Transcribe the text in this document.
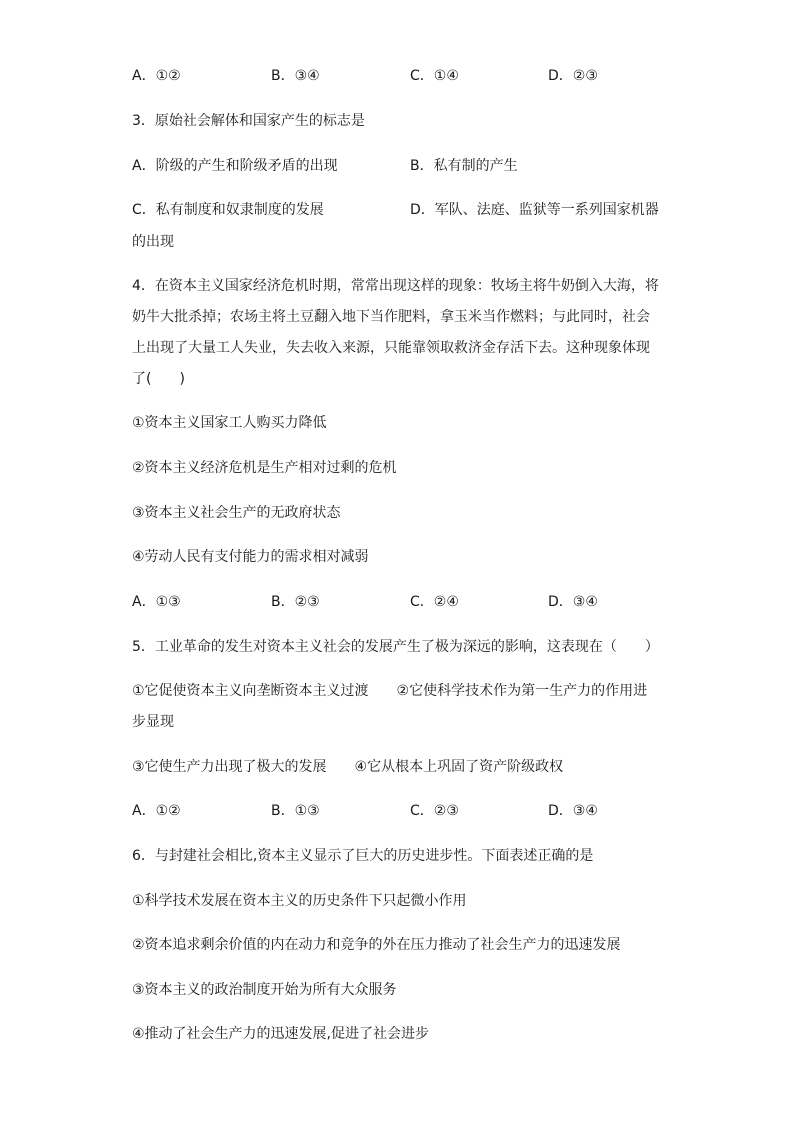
A．①②	B．③④	C．①④	D．②③
3．原始社会解体和国家产生的标志是
A．阶级的产生和阶级矛盾的出现	B．私有制的产生
C．私有制度和奴隶制度的发展	D．军队、法庭、监狱等一系列国家机器
的出现
4．在资本主义国家经济危机时期，常常出现这样的现象：牧场主将牛奶倒入大海，将
奶牛大批杀掉；农场主将土豆翻入地下当作肥料，拿玉米当作燃料；与此同时，社会
上出现了大量工人失业，失去收入来源，只能靠领取救济金存活下去。这种现象体现
了(　　)
①资本主义国家工人购买力降低
②资本主义经济危机是生产相对过剩的危机
③资本主义社会生产的无政府状态
④劳动人民有支付能力的需求相对减弱
A．①③	B．②③	C．②④	D．③④
5．工业革命的发生对资本主义社会的发展产生了极为深远的影响，这表现在（　　）
①它促使资本主义向垄断资本主义过渡　　②它使科学技术作为第一生产力的作用进
步显现
③它使生产力出现了极大的发展　　④它从根本上巩固了资产阶级政权
A．①②	B．①③	C．②③	D．③④
6．与封建社会相比,资本主义显示了巨大的历史进步性。下面表述正确的是
①科学技术发展在资本主义的历史条件下只起微小作用
②资本追求剩余价值的内在动力和竞争的外在压力推动了社会生产力的迅速发展
③资本主义的政治制度开始为所有大众服务
④推动了社会生产力的迅速发展,促进了社会进步
